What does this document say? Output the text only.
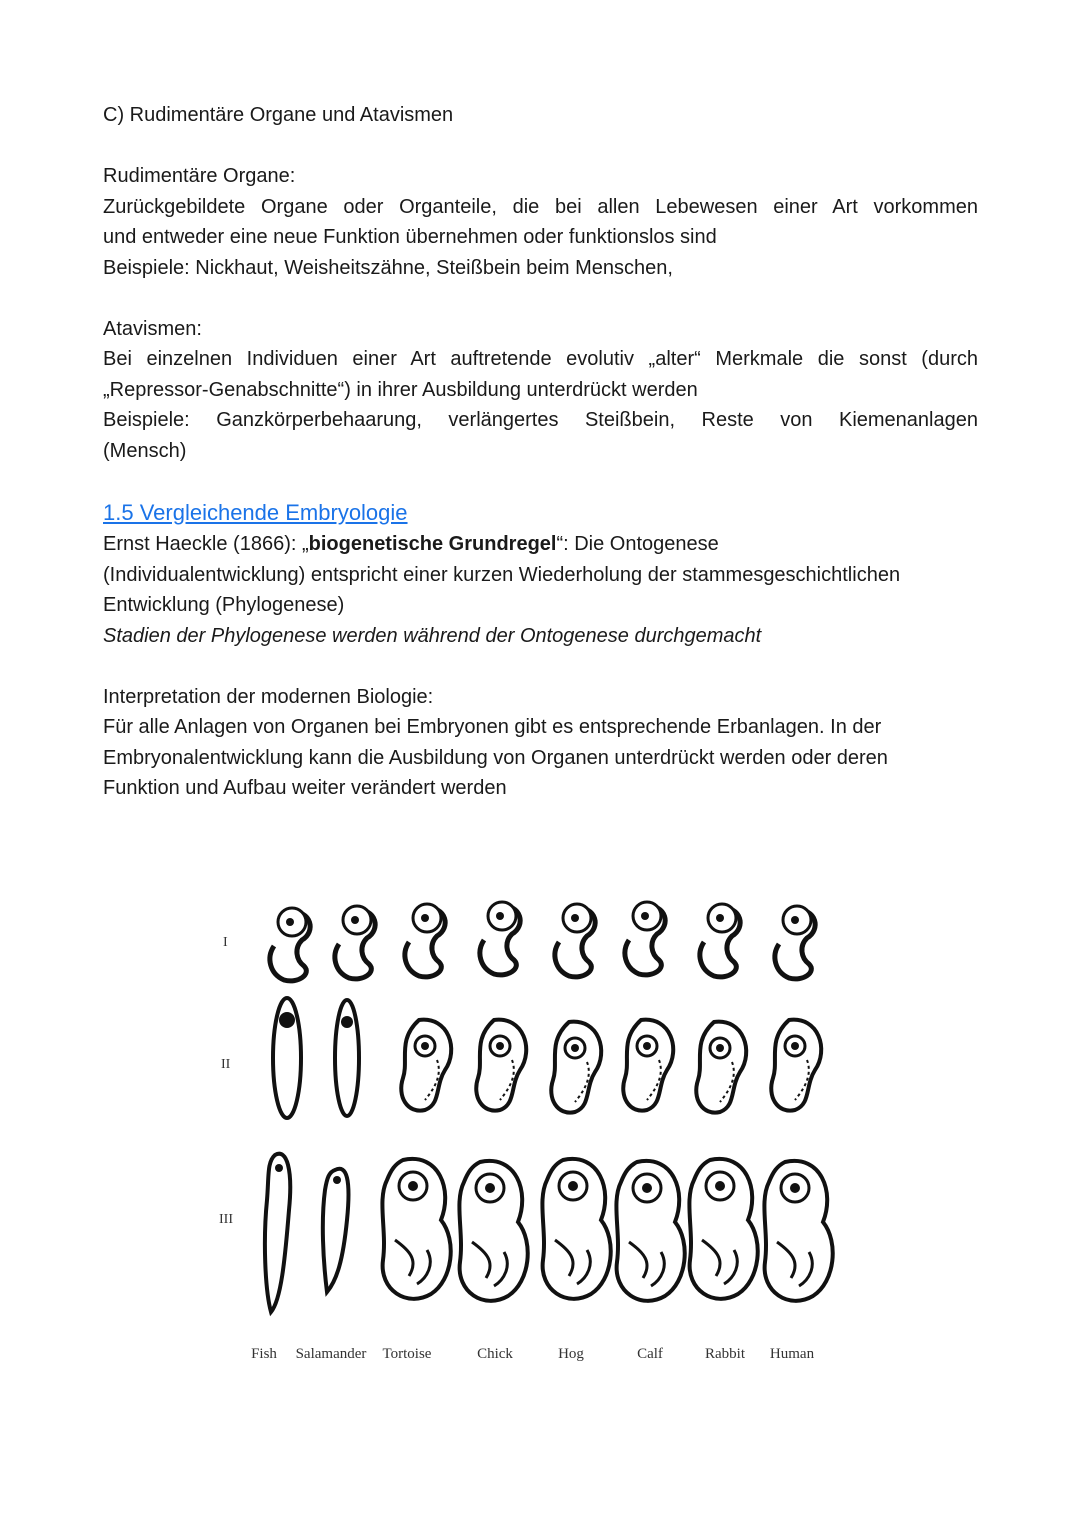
C) Rudimentäre Organe und Atavismen

Rudimentäre Organe:

Zurückgebildete Organe oder Organteile, die bei allen Lebewesen einer Art vorkommen

und entweder eine neue Funktion übernehmen oder funktionslos sind

Beispiele: Nickhaut, Weisheitszähne, Steißbein beim Menschen,

Atavismen:

Bei einzelnen Individuen einer Art auftretende evolutiv „alter“ Merkmale die sonst (durch

„Repressor-Genabschnitte“) in ihrer Ausbildung unterdrückt werden

Beispiele: Ganzkörperbehaarung, verlängertes Steißbein, Reste von Kiemenanlagen

(Mensch)

1.5 Vergleichende Embryologie

Ernst Haeckle (1866): „biogenetische Grundregel“: Die Ontogenese

(Individualentwicklung) entspricht einer kurzen Wiederholung der stammesgeschichtlichen

Entwicklung (Phylogenese)

Stadien der Phylogenese werden während der Ontogenese durchgemacht

Interpretation der modernen Biologie:

Für alle Anlagen von Organen bei Embryonen gibt es entsprechende Erbanlagen. In der

Embryonalentwicklung kann die Ausbildung von Organen unterdrückt werden oder deren

Funktion und Aufbau weiter verändert werden

I
II
III
Fish Salamander Tortoise	Chick	Hog	Calf	Rabbit Human
